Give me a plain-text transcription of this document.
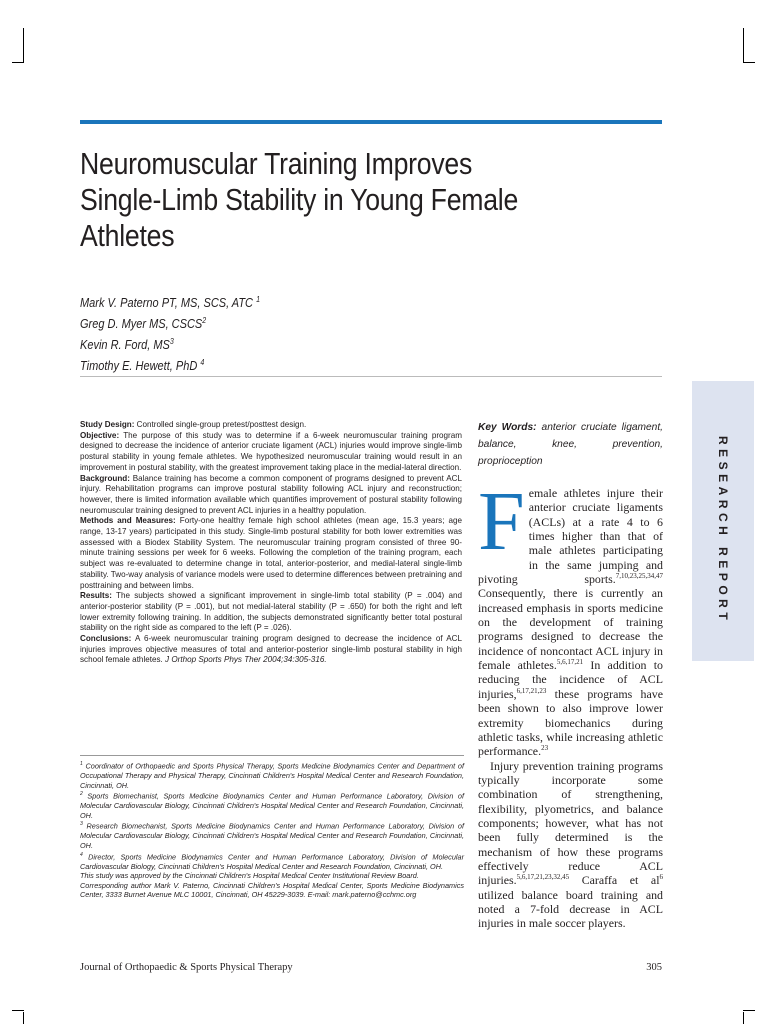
Neuromuscular Training Improves
Single-Limb Stability in Young Female
Athletes
Mark V. Paterno PT, MS, SCS, ATC $^1$
Greg D. Myer MS, CSCS$^2$
Kevin R. Ford, $MS^3$
Timothy E. Hewett, PhD $^4$
RESEARCH REPORT

Study Design: Controlled single-group pretest/posttest design.

Objective: The purpose of this study was to determine if a 6-week neuromuscular training program designed to decrease the incidence of anterior cruciate ligament (ACL) injuries would improve single-limb postural stability in young female athletes. We hypothesized neuromuscular training would result in an improvement in postural stability, with the greatest improvement taking place in the medial-lateral direction.

Background: Balance training has become a common component of programs designed to prevent ACL injury. Rehabilitation programs can improve postural stability following ACL injury and reconstruction; however, there is limited information available which quantifies improvement of postural stability following neuromuscular training designed to prevent ACL injuries in a healthy population.

Methods and Measures: Forty-one healthy female high school athletes (mean age, 15.3 years; age range, 13-17 years) participated in this study. Single-limb postural stability for both lower extremities was assessed with a Biodex Stability System. The neuromuscular training program consisted of three 90-minute training sessions per week for 6 weeks. Following the completion of the training program, each subject was re-evaluated to determine change in total, anterior-posterior, and medial-lateral single-limb stability. Two-way analysis of variance models were used to determine differences between pretraining and posttraining and between limbs.

Results: The subjects showed a significant improvement in single-limb total stability (P = .004) and anterior-posterior stability (P = .001), but not medial-lateral stability (P = .650) for both the right and left lower extremity following training. In addition, the subjects demonstrated significantly better total postural stability on the right side as compared to the left (P = .026).

Conclusions: A 6-week neuromuscular training program designed to decrease the incidence of ACL injuries improves objective measures of total and anterior-posterior single-limb postural stability in high school female athletes. J Orthop Sports Phys Ther 2004;34:305-316.

$^1$ Coordinator of Orthopaedic and Sports Physical Therapy, Sports Medicine Biodynamics Center and Department of Occupational Therapy and Physical Therapy, Cincinnati Children's Hospital Medical Center and Research Foundation, Cincinnati, OH.

$^2$ Sports Biomechanist, Sports Medicine Biodynamics Center and Human Performance Laboratory, Division of Molecular Cardiovascular Biology, Cincinnati Children's Hospital Medical Center and Research Foundation, Cincinnati, OH.

$^3$ Research Biomechanist, Sports Medicine Biodynamics Center and Human Performance Laboratory, Division of Molecular Cardiovascular Biology, Cincinnati Children's Hospital Medical Center and Research Foundation, Cincinnati, OH.

$^4$ Director, Sports Medicine Biodynamics Center and Human Performance Laboratory, Division of Molecular Cardiovascular Biology, Cincinnati Children's Hospital Medical Center and Research Foundation, Cincinnati, OH.

This study was approved by the Cincinnati Children's Hospital Medical Center Institutional Review Board.

Corresponding author Mark V. Paterno, Cincinnati Children's Hospital Medical Center, Sports Medicine Biodynamics Center, 3333 Burnet Avenue MLC 10001, Cincinnati, OH 45229-3039. E-mail: mark.paterno@cchmc.org

Key Words: anterior cruciate ligament, balance, knee, prevention, proprioception

Female athletes injure their anterior cruciate ligaments (ACLs) at a rate 4 to 6 times higher than that of male athletes participating in the same jumping and pivoting sports.$^{7,10,23,25,34,47}$ Consequently, there is currently an increased emphasis in sports medicine on the development of training programs designed to decrease the incidence of noncontact ACL injury in female athletes.$^{5,6,17,21}$ In addition to reducing the incidence of ACL injuries,$^{6,17,21,23}$ these programs have been shown to also improve lower extremity biomechanics during athletic tasks, while increasing athletic performance.$^{23}$

Injury prevention training programs typically incorporate some combination of strengthening, flexibility, plyometrics, and balance components; however, what has not been fully determined is the mechanism of how these programs effectively reduce ACL injuries.$^{5,6,17,21,23,32,45}$ Caraffa et $al^6$ utilized balance board training and noted a 7-fold decrease in ACL injuries in male soccer players.

Journal of Orthopaedic & Sports Physical Therapy	305
